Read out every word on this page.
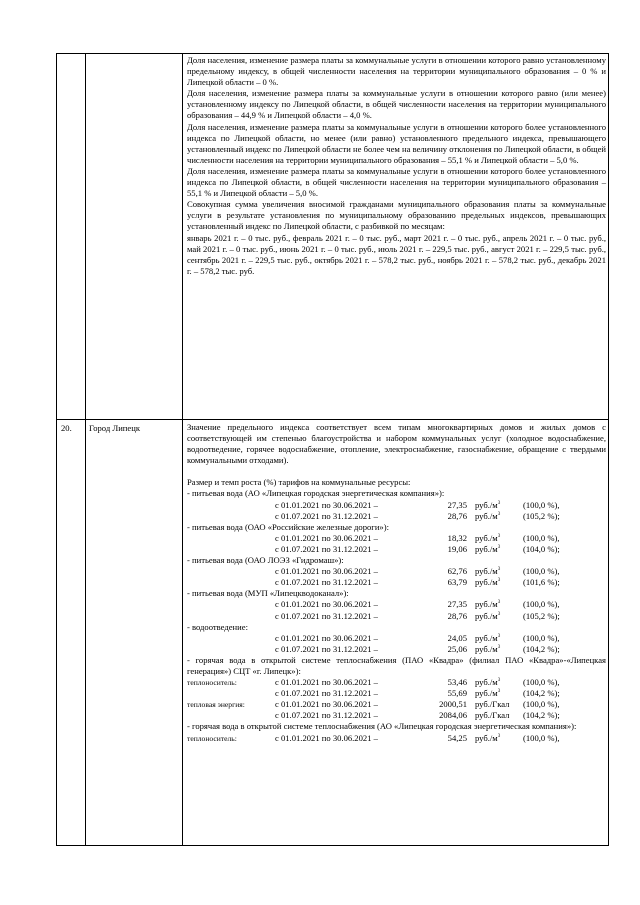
Доля населения, изменение размера платы за коммунальные услуги в отношении которого равно установленному предельному индексу, в общей численности населения на территории муниципального образования – 0 % и Липецкой области – 0 %.

Доля населения, изменение размера платы за коммунальные услуги в отношении которого равно (или менее) установленному индексу по Липецкой области, в общей численности населения на территории муниципального образования – 44,9 % и Липецкой области – 4,0 %.

Доля населения, изменение размера платы за коммунальные услуги в отношении которого более установленного индекса по Липецкой области, но менее (или равно) установленного предельного индекса, превышающего установленный индекс по Липецкой области не более чем на величину отклонения по Липецкой области, в общей численности населения на территории муниципального образования – 55,1 % и Липецкой области – 5,0 %.

Доля населения, изменение размера платы за коммунальные услуги в отношении которого более установленного индекса по Липецкой области, в общей численности населения на территории муниципального образования – 55,1 % и Липецкой области – 5,0 %.

Совокупная сумма увеличения вносимой гражданами муниципального образования платы за коммунальные услуги в результате установления по муниципальному образованию предельных индексов, превышающих установленный индекс по Липецкой области, с разбивкой по месяцам:

январь 2021 г. – 0 тыс. руб., февраль 2021 г. – 0 тыс. руб., март 2021 г. – 0 тыс. руб., апрель 2021 г. – 0 тыс. руб., май 2021 г. – 0 тыс. руб., июнь 2021 г. – 0 тыс. руб., июль 2021 г. – 229,5 тыс. руб., август 2021 г. – 229,5 тыс. руб., сентябрь 2021 г. – 229,5 тыс. руб., октябрь 2021 г. – 578,2 тыс. руб., ноябрь 2021 г. – 578,2 тыс. руб., декабрь 2021 г. – 578,2 тыс. руб.

20.	Город Липецк	Значение предельного индекса соответствует всем типам многоквартирных домов и жилых домов с соответствующей им степенью благоустройства и набором коммунальных услуг (холодное водоснабжение, водоотведение, горячее водоснабжение, отопление, электроснабжение, газоснабжение, обращение с твердыми коммунальными отходами).

Размер и темп роста (%) тарифов на коммунальные ресурсы:

- питьевая вода (АО «Липецкая городская энергетическая компания»):

с 01.01.2021 по 30.06.2021 –	27,35 $руб./м^3$	(100,0 %),
с 01.07.2021 по 31.12.2021 –	28,76 $руб./м^3$	(105,2 %);

- питьевая вода (ОАО «Российские железные дороги»):

с 01.01.2021 по 30.06.2021 –	18,32 $руб./м^3$	(100,0 %),
с 01.07.2021 по 31.12.2021 –	19,06 $руб./м^3$	(104,0 %);

- питьевая вода (ОАО ЛОЭЗ «Гидромаш»):

с 01.01.2021 по 30.06.2021 –	62,76 $руб./м^3$	(100,0 %),
с 01.07.2021 по 31.12.2021 –	63,79 $руб./м^3$	(101,6 %);

- питьевая вода (МУП «Липецкводоканал»):

с 01.01.2021 по 30.06.2021 –	27,35 $руб./м^3$	(100,0 %),
с 01.07.2021 по 31.12.2021 –	28,76 $руб./м^3$	(105,2 %);

- водоотведение:

с 01.01.2021 по 30.06.2021 –	24,05 $руб./м^3$	(100,0 %),
с 01.07.2021 по 31.12.2021 –	25,06 $руб./м^3$	(104,2 %);

- горячая вода в открытой системе теплоснабжения (ПАО «Квадра» (филиал ПАО «Квадра»-«Липецкая генерация») СЦТ «г. Липецк»):

теплоноситель:	с 01.01.2021 по 30.06.2021 –	53,46 $руб./м^3$	(100,0 %),
с 01.07.2021 по 31.12.2021 –	55,69 $руб./м^3$	(104,2 %);
тепловая энергия:	с 01.01.2021 по 30.06.2021 –	2000,51 руб./Гкал	(100,0 %),
с 01.07.2021 по 31.12.2021 –	2084,06 руб./Гкал	(104,2 %);

- горячая вода в открытой системе теплоснабжения (АО «Липецкая городская энергетическая компания»):

теплоноситель:	с 01.01.2021 по 30.06.2021 –	54,25 $руб./м^3$	(100,0 %),
